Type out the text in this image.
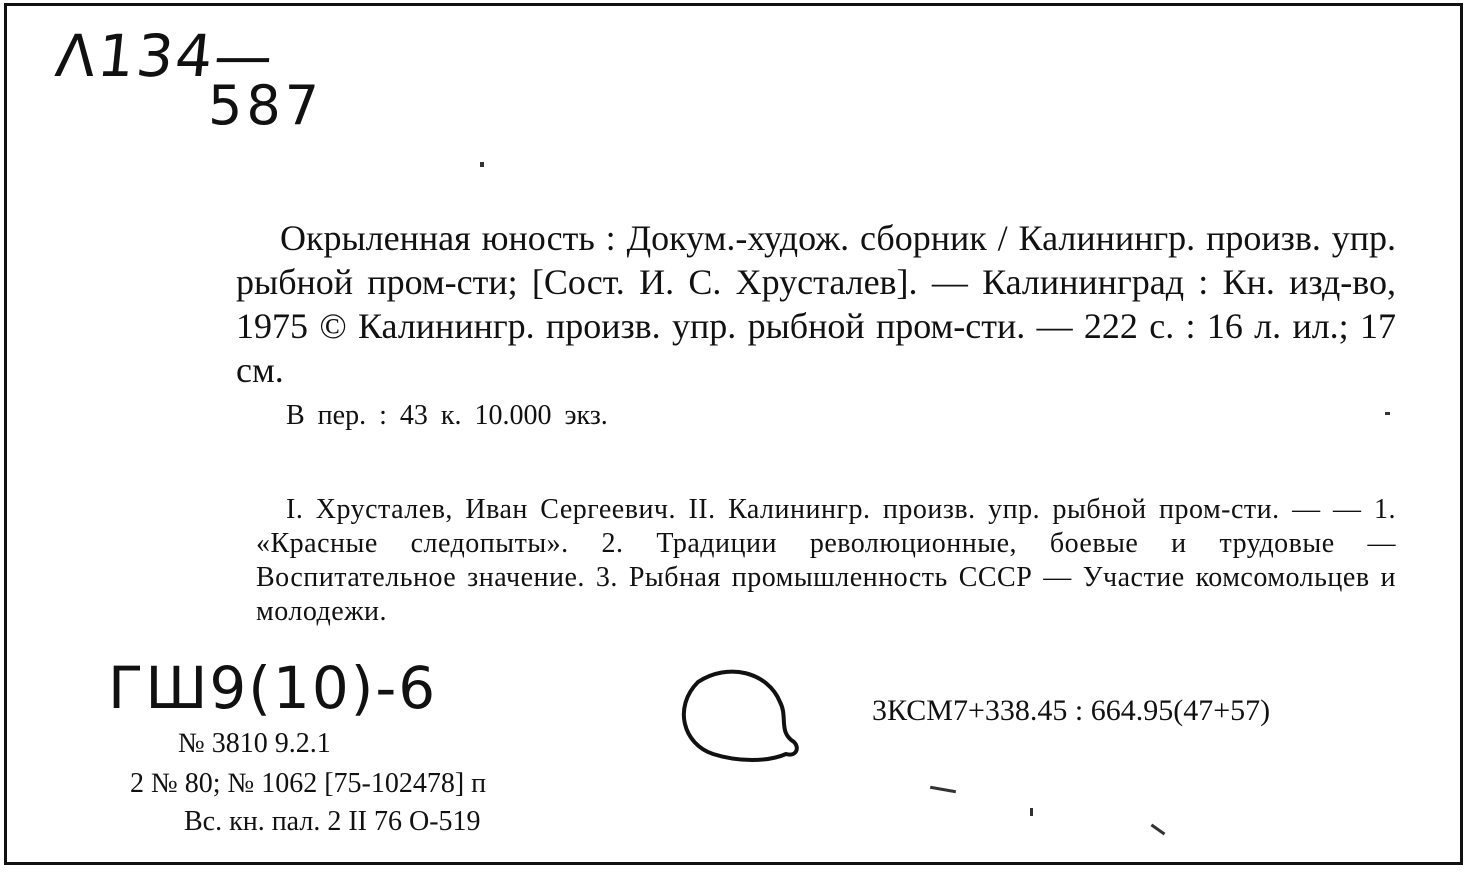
Λ134—
587

Окрыленная юность : Докум.-худож. сборник / Калинингр. произв. упр. рыбной пром-сти; [Сост. И. С. Хрусталев]. — Калининград : Кн. изд-во, 1975 © Калинингр. произв. упр. рыбной пром-сти. — 222 с. : 16 л. ил.; 17 см.

В пер. : 43 к. 10.000 экз.

I. Хрусталев, Иван Сергеевич. II. Калинингр. произв. упр. рыбной пром-сти. — — 1. «Красные следопыты». 2. Традиции революционные, боевые и трудовые — Воспитательное значение. 3. Рыбная промышленность СССР — Участие комсомольцев и молодежи.

ГШ9(10)-6
№ 3810 9.2.1
2 № 80; № 1062 [75-102478] п
Вс. кн. пал. 2 II 76 О-519
3КСМ7+338.45 : 664.95(47+57)
